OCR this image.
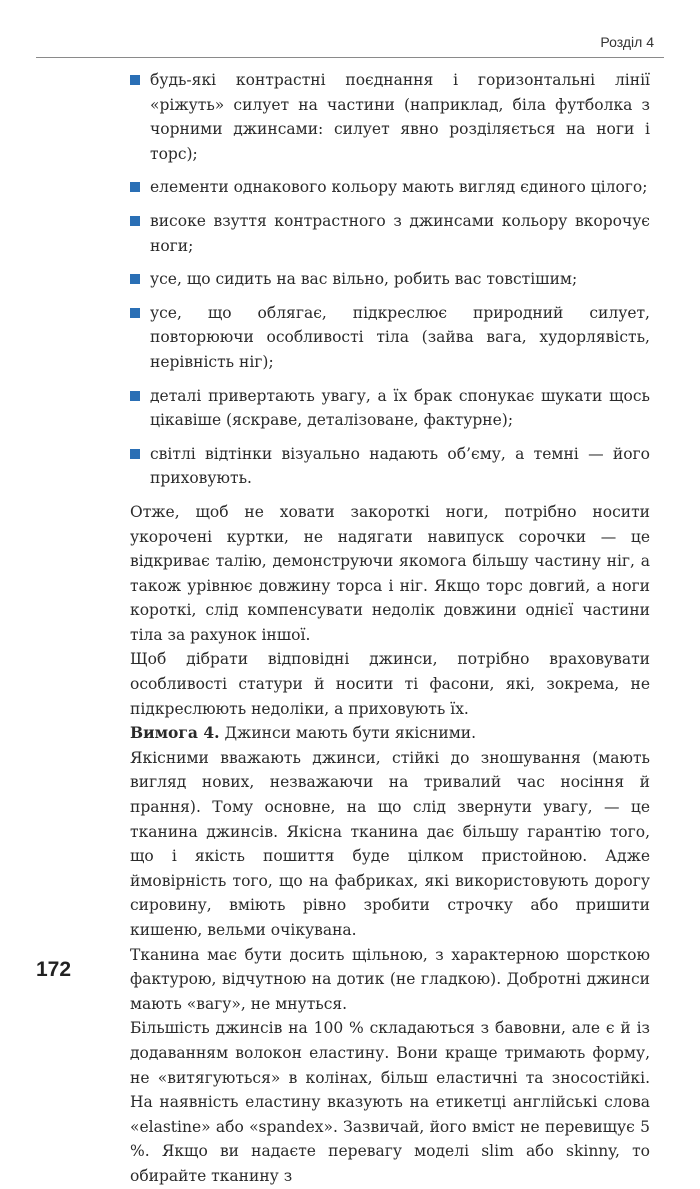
Розділ 4
будь-які контрастні поєднання і горизонтальні лінії «ріжуть» силует на частини (наприклад, біла футболка з чорними джинсами: силует явно розділяється на ноги і торс);
елементи однакового кольору мають вигляд єдиного цілого;
високе взуття контрастного з джинсами кольору вкорочує ноги;
усе, що сидить на вас вільно, робить вас товстішим;
усе, що облягає, підкреслює природний силует, повторюючи особливості тіла (зайва вага, худорлявість, нерівність ніг);
деталі привертають увагу, а їх брак спонукає шукати щось цікавіше (яскраве, деталізоване, фактурне);
світлі відтінки візуально надають об’єму, а темні — його приховують.

Отже, щоб не ховати закороткі ноги, потрібно носити укорочені куртки, не надягати навипуск сорочки — це відкриває талію, демонструючи якомога більшу частину ніг, а також урівнює довжину торса і ніг. Якщо торс довгий, а ноги короткі, слід компенсувати недолік довжини однієї частини тіла за рахунок іншої.

Щоб дібрати відповідні джинси, потрібно враховувати особливості статури й носити ті фасони, які, зокрема, не підкреслюють недоліки, а приховують їх.

Вимога 4. Джинси мають бути якісними.

Якісними вважають джинси, стійкі до зношування (мають вигляд нових, незважаючи на тривалий час носіння й прання). Тому основне, на що слід звернути увагу, — це тканина джинсів. Якісна тканина дає більшу гарантію того, що і якість пошиття буде цілком пристойною. Адже ймовірність того, що на фабриках, які використовують дорогу сировину, вміють рівно зробити строчку або пришити кишеню, вельми очікувана.

Тканина має бути досить щільною, з характерною шорсткою фактурою, відчутною на дотик (не гладкою). Добротні джинси мають «вагу», не мнуться.

Більшість джинсів на 100 % складаються з бавовни, але є й із додаванням волокон еластину. Вони краще тримають форму, не «витягуються» в колінах, більш еластичні та зносостійкі. На наявність еластину вказують на етикетці англійські слова «elastine» або «spandex». Зазвичай, його вміст не перевищує 5 %. Якщо ви надаєте перевагу моделі slim або skinny, то обирайте тканину з

172
